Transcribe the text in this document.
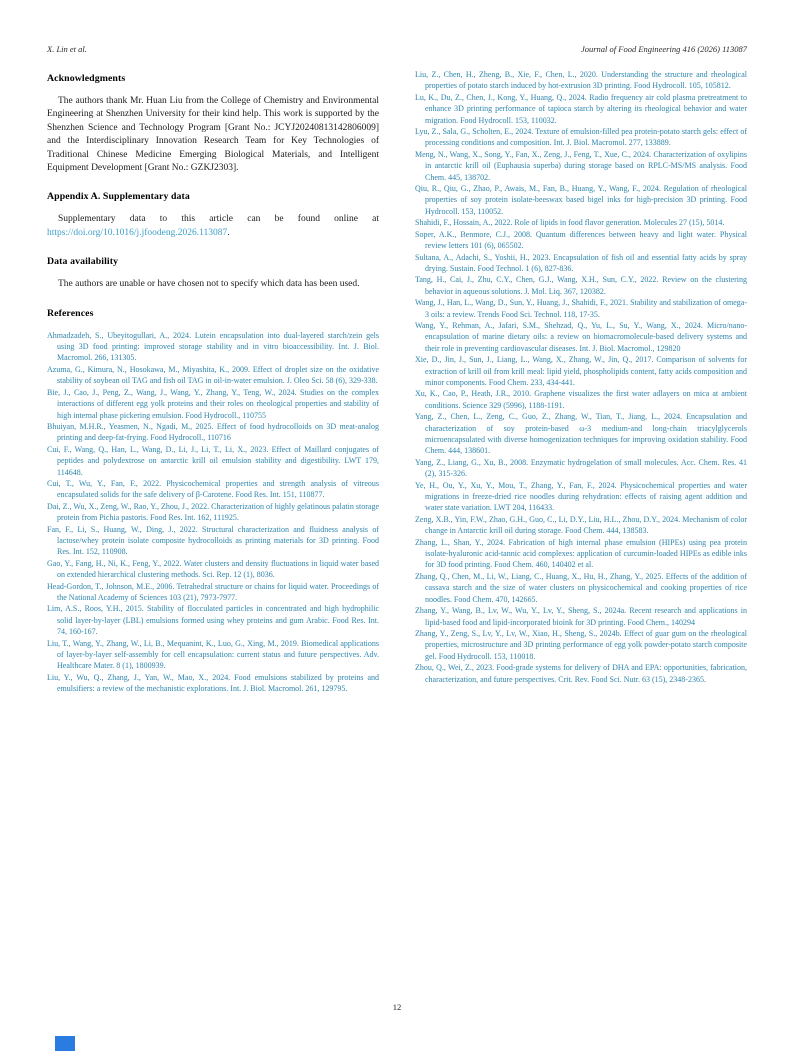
X. Lin et al.	Journal of Food Engineering 416 (2026) 113087
Acknowledgments

The authors thank Mr. Huan Liu from the College of Chemistry and Environmental Engineering at Shenzhen University for their kind help. This work is supported by the Shenzhen Science and Technology Program [Grant No.: JCYJ20240813142806009] and the Interdisciplinary Innovation Research Team for Key Technologies of Traditional Chinese Medicine Emerging Biological Materials, and Intelligent Equipment Development [Grant No.: GZKJ2303].

Appendix A. Supplementary data

Supplementary data to this article can be found online at https://doi.org/10.1016/j.jfoodeng.2026.113087.

Data availability

The authors are unable or have chosen not to specify which data has been used.

References
Ahmadzadeh, S., Ubeyitogullari, A., 2024. Lutein encapsulation into dual-layered starch/zein gels using 3D food printing: improved storage stability and in vitro bioaccessibility. Int. J. Biol. Macromol. 266, 131305.
Azuma, G., Kimura, N., Hosokawa, M., Miyashita, K., 2009. Effect of droplet size on the oxidative stability of soybean oil TAG and fish oil TAG in oil-in-water emulsion. J. Oleo Sci. 58 (6), 329-338.
Bie, J., Cao, J., Peng, Z., Wang, J., Wang, Y., Zhang, Y., Teng, W., 2024. Studies on the complex interactions of different egg yolk proteins and their roles on rheological properties and stability of high internal phase pickering emulsion. Food Hydrocoll., 110755
Bhuiyan, M.H.R., Yeasmen, N., Ngadi, M., 2025. Effect of food hydrocolloids on 3D meat-analog printing and deep-fat-frying. Food Hydrocoll., 110716
Cui, F., Wang, Q., Han, L., Wang, D., Li, J., Li, T., Li, X., 2023. Effect of Maillard conjugates of peptides and polydextrose on antarctic krill oil emulsion stability and digestibility. LWT 179, 114648.
Cui, T., Wu, Y., Fan, F., 2022. Physicochemical properties and strength analysis of vitreous encapsulated solids for the safe delivery of β-Carotene. Food Res. Int. 151, 110877.
Dai, Z., Wu, X., Zeng, W., Rao, Y., Zhou, J., 2022. Characterization of highly gelatinous palatin storage protein from Pichia pastoris. Food Res. Int. 162, 111925.
Fan, F., Li, S., Huang, W., Ding, J., 2022. Structural characterization and fluidness analysis of lactose/whey protein isolate composite hydrocolloids as printing materials for 3D printing. Food Res. Int. 152, 110908.
Gao, Y., Fang, H., Ni, K., Feng, Y., 2022. Water clusters and density fluctuations in liquid water based on extended hierarchical clustering methods. Sci. Rep. 12 (1), 8036.
Head-Gordon, T., Johnson, M.E., 2006. Tetrahedral structure or chains for liquid water. Proceedings of the National Academy of Sciences 103 (21), 7973-7977.
Lim, A.S., Roos, Y.H., 2015. Stability of flocculated particles in concentrated and high hydrophilic solid layer-by-layer (LBL) emulsions formed using whey proteins and gum Arabic. Food Res. Int. 74, 160-167.
Liu, T., Wang, Y., Zhang, W., Li, B., Mequanint, K., Luo, G., Xing, M., 2019. Biomedical applications of layer-by-layer self-assembly for cell encapsulation: current status and future perspectives. Adv. Healthcare Mater. 8 (1), 1800939.
Liu, Y., Wu, Q., Zhang, J., Yan, W., Mao, X., 2024. Food emulsions stabilized by proteins and emulsifiers: a review of the mechanistic explorations. Int. J. Biol. Macromol. 261, 129795.
Liu, Z., Chen, H., Zheng, B., Xie, F., Chen, L., 2020. Understanding the structure and rheological properties of potato starch induced by hot-extrusion 3D printing. Food Hydrocoll. 105, 105812.
Lu, K., Du, Z., Chen, J., Kong, Y., Huang, Q., 2024. Radio frequency air cold plasma pretreatment to enhance 3D printing performance of tapioca starch by altering its rheological behavior and water migration. Food Hydrocoll. 153, 110032.
Lyu, Z., Sala, G., Scholten, E., 2024. Texture of emulsion-filled pea protein-potato starch gels: effect of processing conditions and composition. Int. J. Biol. Macromol. 277, 133889.
Meng, N., Wang, X., Song, Y., Fan, X., Zeng, J., Feng, T., Xue, C., 2024. Characterization of oxylipins in antarctic krill oil (Euphausia superba) during storage based on RPLC-MS/MS analysis. Food Chem. 445, 138702.
Qiu, R., Qiu, G., Zhao, P., Awais, M., Fan, B., Huang, Y., Wang, F., 2024. Regulation of rheological properties of soy protein isolate-beeswax based bigel inks for high-precision 3D printing. Food Hydrocoll. 153, 110052.
Shahidi, F., Hossain, A., 2022. Role of lipids in food flavor generation. Molecules 27 (15), 5014.
Soper, A.K., Benmore, C.J., 2008. Quantum differences between heavy and light water. Physical review letters 101 (6), 065502.
Sultana, A., Adachi, S., Yoshii, H., 2023. Encapsulation of fish oil and essential fatty acids by spray drying. Sustain. Food Technol. 1 (6), 827-836.
Tang, H., Cai, J., Zhu, C.Y., Chen, G.J., Wang, X.H., Sun, C.Y., 2022. Review on the clustering behavior in aqueous solutions. J. Mol. Liq. 367, 120382.
Wang, J., Han, L., Wang, D., Sun, Y., Huang, J., Shahidi, F., 2021. Stability and stabilization of omega-3 oils: a review. Trends Food Sci. Technol. 118, 17-35.
Wang, Y., Rehman, A., Jafari, S.M., Shehzad, Q., Yu, L., Su, Y., Wang, X., 2024. Micro/nano-encapsulation of marine dietary oils: a review on biomacromolecule-based delivery systems and their role in preventing cardiovascular diseases. Int. J. Biol. Macromol., 129820
Xie, D., Jin, J., Sun, J., Liang, L., Wang, X., Zhang, W., Jin, Q., 2017. Comparison of solvents for extraction of krill oil from krill meal: lipid yield, phospholipids content, fatty acids composition and minor components. Food Chem. 233, 434-441.
Xu, K., Cao, P., Heath, J.R., 2010. Graphene visualizes the first water adlayers on mica at ambient conditions. Science 329 (5996), 1188-1191.
Yang, Z., Chen, L., Zeng, C., Guo, Z., Zhang, W., Tian, T., Jiang, L., 2024. Encapsulation and characterization of soy protein-based ω-3 medium-and long-chain triacylglycerols microencapsulated with diverse homogenization techniques for improving oxidation stability. Food Chem. 444, 138601.
Yang, Z., Liang, G., Xu, B., 2008. Enzymatic hydrogelation of small molecules. Acc. Chem. Res. 41 (2), 315-326.
Ye, H., Ou, Y., Xu, Y., Mou, T., Zhang, Y., Fan, F., 2024. Physicochemical properties and water migrations in freeze-dried rice noodles during rehydration: effects of raising agent addition and water state variation. LWT 204, 116433.
Zeng, X.B., Yin, F.W., Zhao, G.H., Guo, C., Li, D.Y., Liu, H.L., Zhou, D.Y., 2024. Mechanism of color change in Antarctic krill oil during storage. Food Chem. 444, 138583.
Zhang, L., Shan, Y., 2024. Fabrication of high internal phase emulsion (HIPEs) using pea protein isolate-hyaluronic acid-tannic acid complexes: application of curcumin-loaded HIPEs as edible inks for 3D food printing. Food Chem. 460, 140402 et al.
Zhang, Q., Chen, M., Li, W., Liang, C., Huang, X., Hu, H., Zhang, Y., 2025. Effects of the addition of cassava starch and the size of water clusters on physicochemical and cooking properties of rice noodles. Food Chem. 470, 142665.
Zhang, Y., Wang, B., Lv, W., Wu, Y., Lv, Y., Sheng, S., 2024a. Recent research and applications in lipid-based food and lipid-incorporated bioink for 3D printing. Food Chem., 140294
Zhang, Y., Zeng, S., Lv, Y., Lv, W., Xiao, H., Sheng, S., 2024b. Effect of guar gum on the rheological properties, microstructure and 3D printing performance of egg yolk powder-potato starch composite gel. Food Hydrocoll. 153, 110018.
Zhou, Q., Wei, Z., 2023. Food-grade systems for delivery of DHA and EPA: opportunities, fabrication, characterization, and future perspectives. Crit. Rev. Food Sci. Nutr. 63 (15), 2348-2365.
12
